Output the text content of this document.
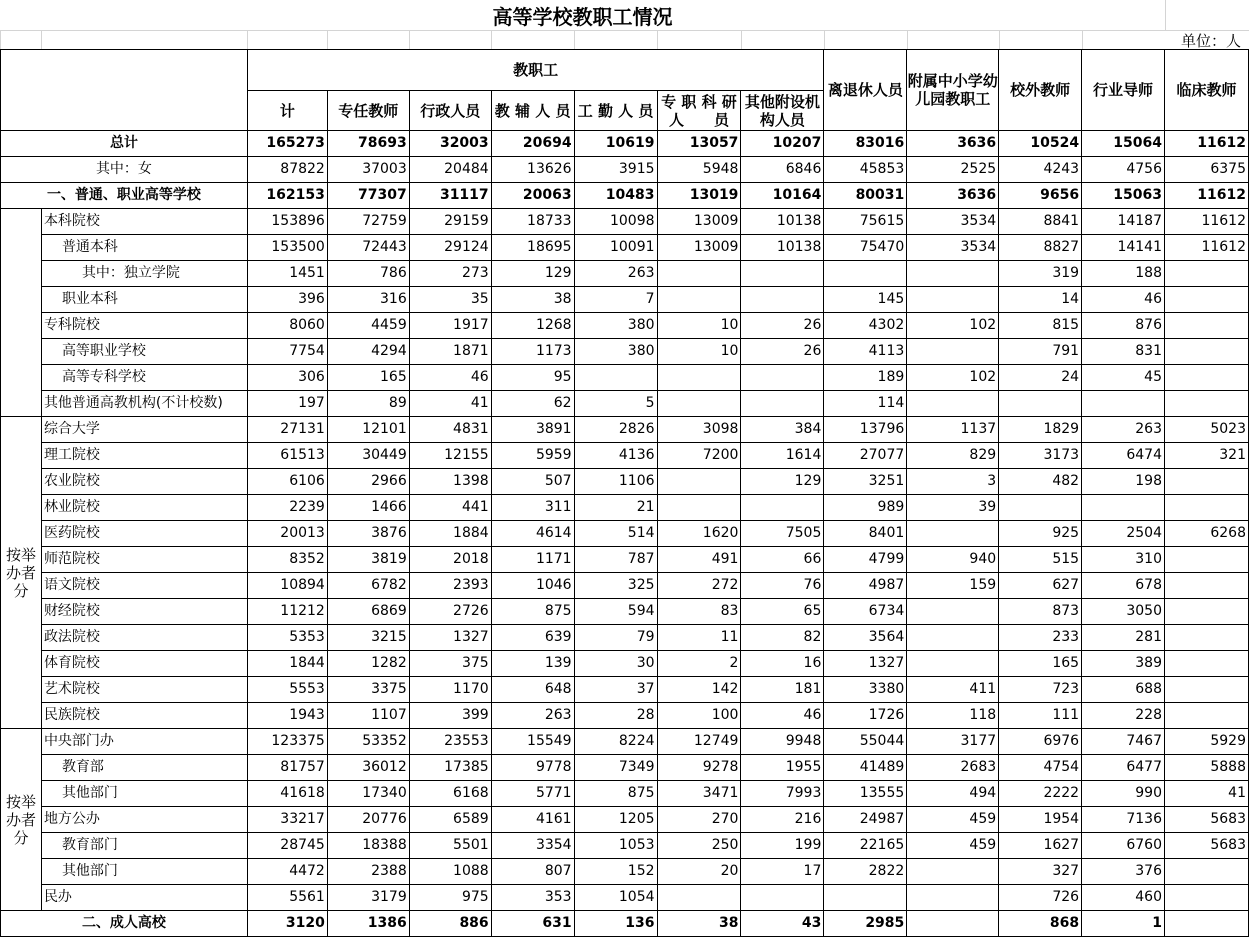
高等学校教职工情况
单位：人
		教职工							离退休人员	附属中小学幼儿园教职工	校外教师	行业导师	临床教师
		计	专任教师	行政人员	教 辅 人 员	工 勤 人 员	专 职 科 研 人　　员	其他附设机构人员					
总计		165273	78693	32003	20694	10619	13057	10207	83016	3636	10524	15064	11612
其中：女		87822	37003	20484	13626	3915	5948	6846	45853	2525	4243	4756	6375
一、普通、职业高等学校		162153	77307	31117	20063	10483	13019	10164	80031	3636	9656	15063	11612
	本科院校	153896	72759	29159	18733	10098	13009	10138	75615	3534	8841	14187	11612
	普通本科	153500	72443	29124	18695	10091	13009	10138	75470	3534	8827	14141	11612
	其中：独立学院	1451	786	273	129	263					319	188	
	职业本科	396	316	35	38	7			145		14	46	
	专科院校	8060	4459	1917	1268	380	10	26	4302	102	815	876	
	高等职业学校	7754	4294	1871	1173	380	10	26	4113		791	831	
	高等专科学校	306	165	46	95				189	102	24	45	
	其他普通高教机构(不计校数)	197	89	41	62	5			114				
按举办者分	综合大学	27131	12101	4831	3891	2826	3098	384	13796	1137	1829	263	5023
	理工院校	61513	30449	12155	5959	4136	7200	1614	27077	829	3173	6474	321
	农业院校	6106	2966	1398	507	1106		129	3251	3	482	198	
	林业院校	2239	1466	441	311	21			989	39			
	医药院校	20013	3876	1884	4614	514	1620	7505	8401		925	2504	6268
	师范院校	8352	3819	2018	1171	787	491	66	4799	940	515	310	
	语文院校	10894	6782	2393	1046	325	272	76	4987	159	627	678	
	财经院校	11212	6869	2726	875	594	83	65	6734		873	3050	
	政法院校	5353	3215	1327	639	79	11	82	3564		233	281	
	体育院校	1844	1282	375	139	30	2	16	1327		165	389	
	艺术院校	5553	3375	1170	648	37	142	181	3380	411	723	688	
	民族院校	1943	1107	399	263	28	100	46	1726	118	111	228	
按举办者分	中央部门办	123375	53352	23553	15549	8224	12749	9948	55044	3177	6976	7467	5929
	教育部	81757	36012	17385	9778	7349	9278	1955	41489	2683	4754	6477	5888
	其他部门	41618	17340	6168	5771	875	3471	7993	13555	494	2222	990	41
	地方公办	33217	20776	6589	4161	1205	270	216	24987	459	1954	7136	5683
	教育部门	28745	18388	5501	3354	1053	250	199	22165	459	1627	6760	5683
	其他部门	4472	2388	1088	807	152	20	17	2822		327	376	
	民办	5561	3179	975	353	1054					726	460	
二、成人高校		3120	1386	886	631	136	38	43	2985		868	1	
